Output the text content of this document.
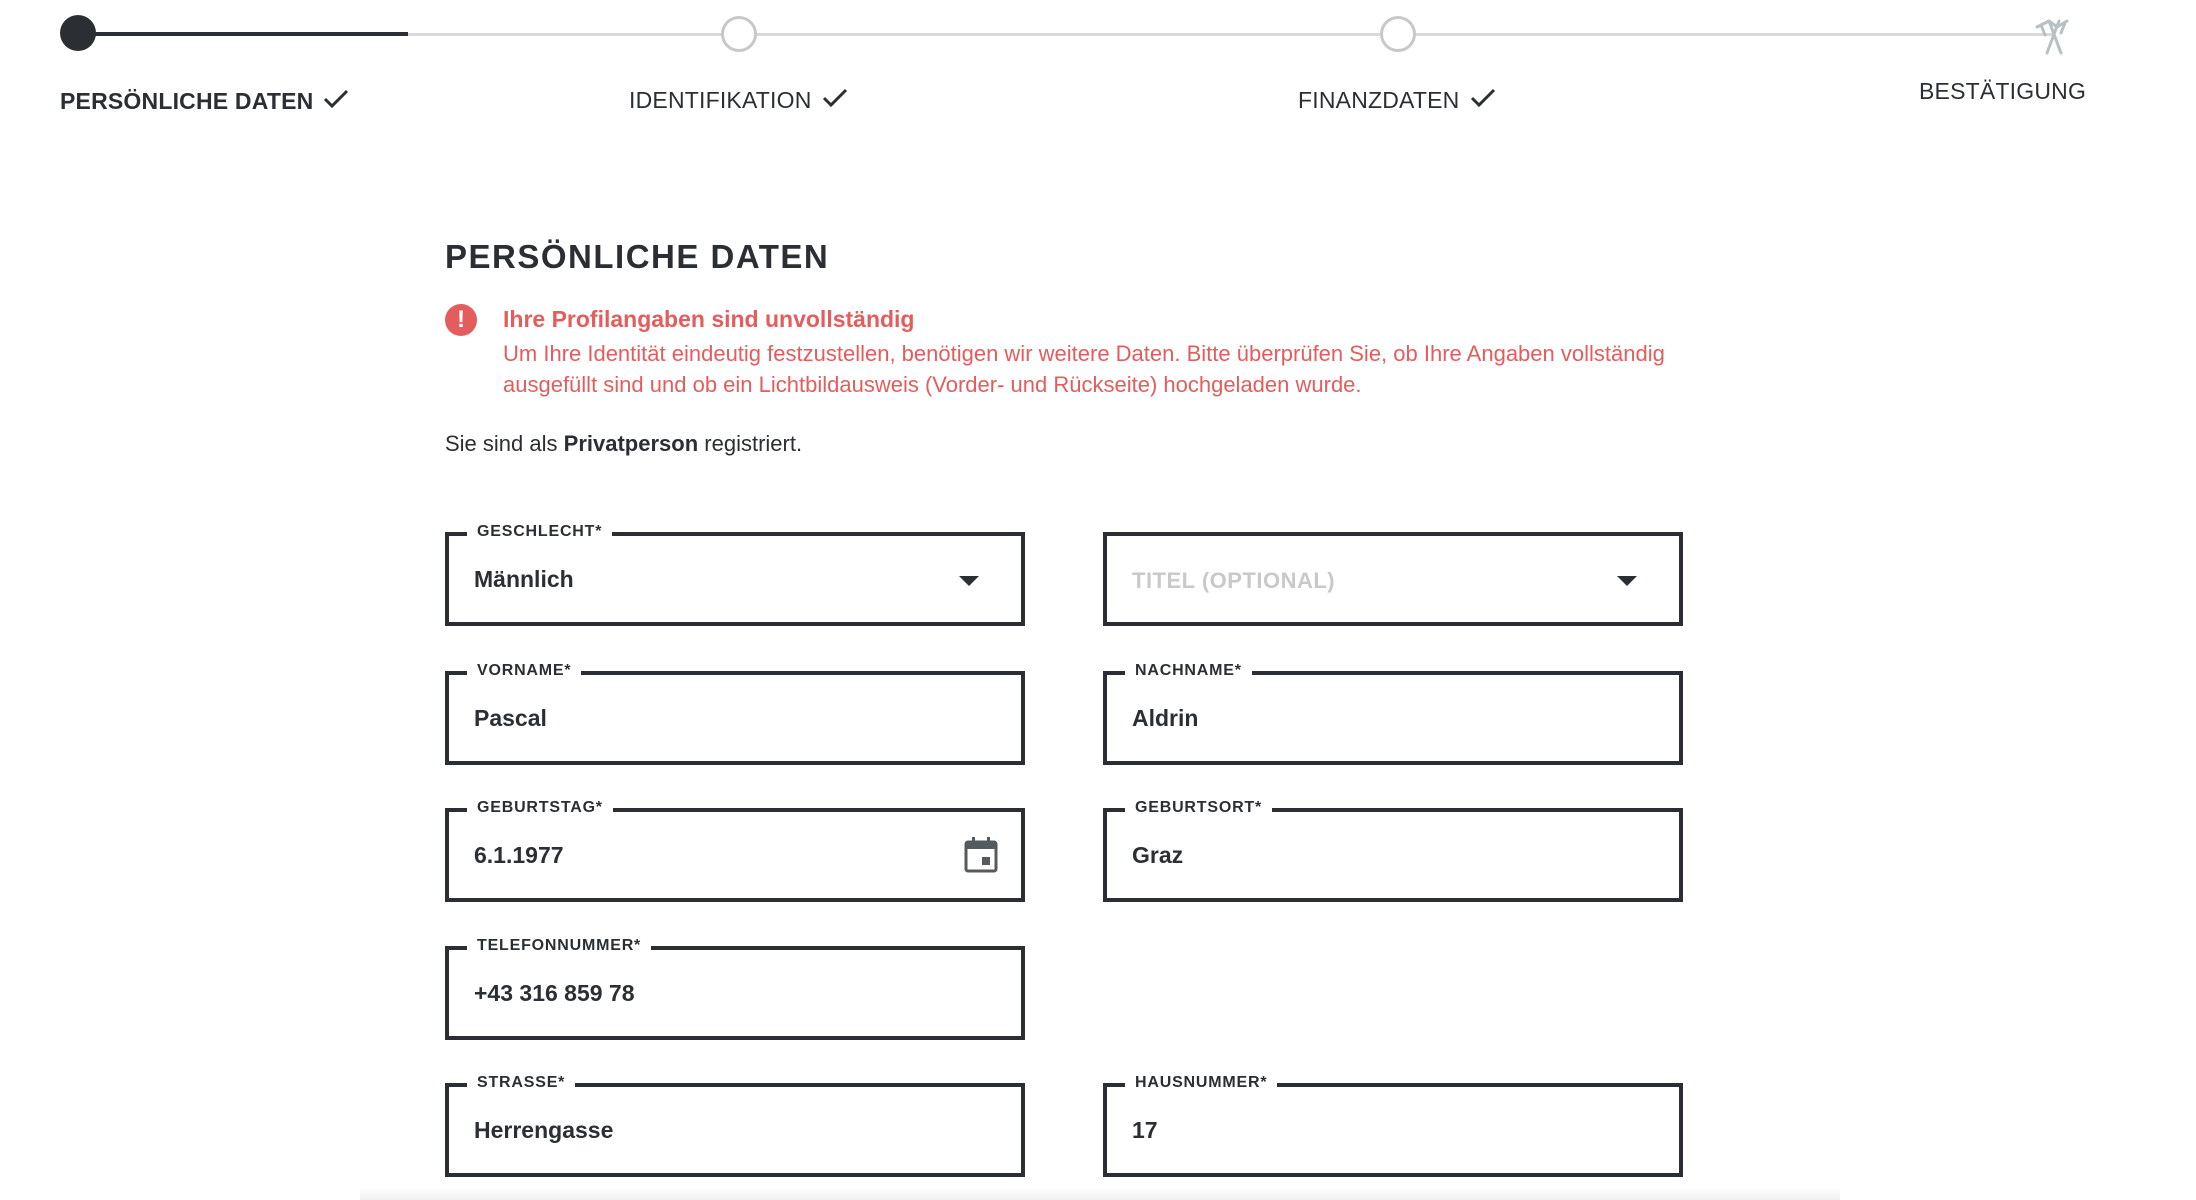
PERSÖNLICHE DATEN	IDENTIFIKATION	FINANZDATEN	BESTÄTIGUNG
PERSÖNLICHE DATEN
!	Ihre Profilangaben sind unvollständig
Um Ihre Identität eindeutig festzustellen, benötigen wir weitere Daten. Bitte überprüfen Sie, ob Ihre Angaben vollständig ausgefüllt sind und ob ein Lichtbildausweis (Vorder- und Rückseite) hochgeladen wurde.
Sie sind als Privatperson registriert.
GESCHLECHT*
Männlich	TITEL (OPTIONAL)
VORNAME*
Pascal
NACHNAME*
Aldrin
GEBURTSTAG*
6.1.1977
GEBURTSORT*
Graz
TELEFONNUMMER*
+43 316 859 78
STRASSE*
Herrengasse
HAUSNUMMER*
17
